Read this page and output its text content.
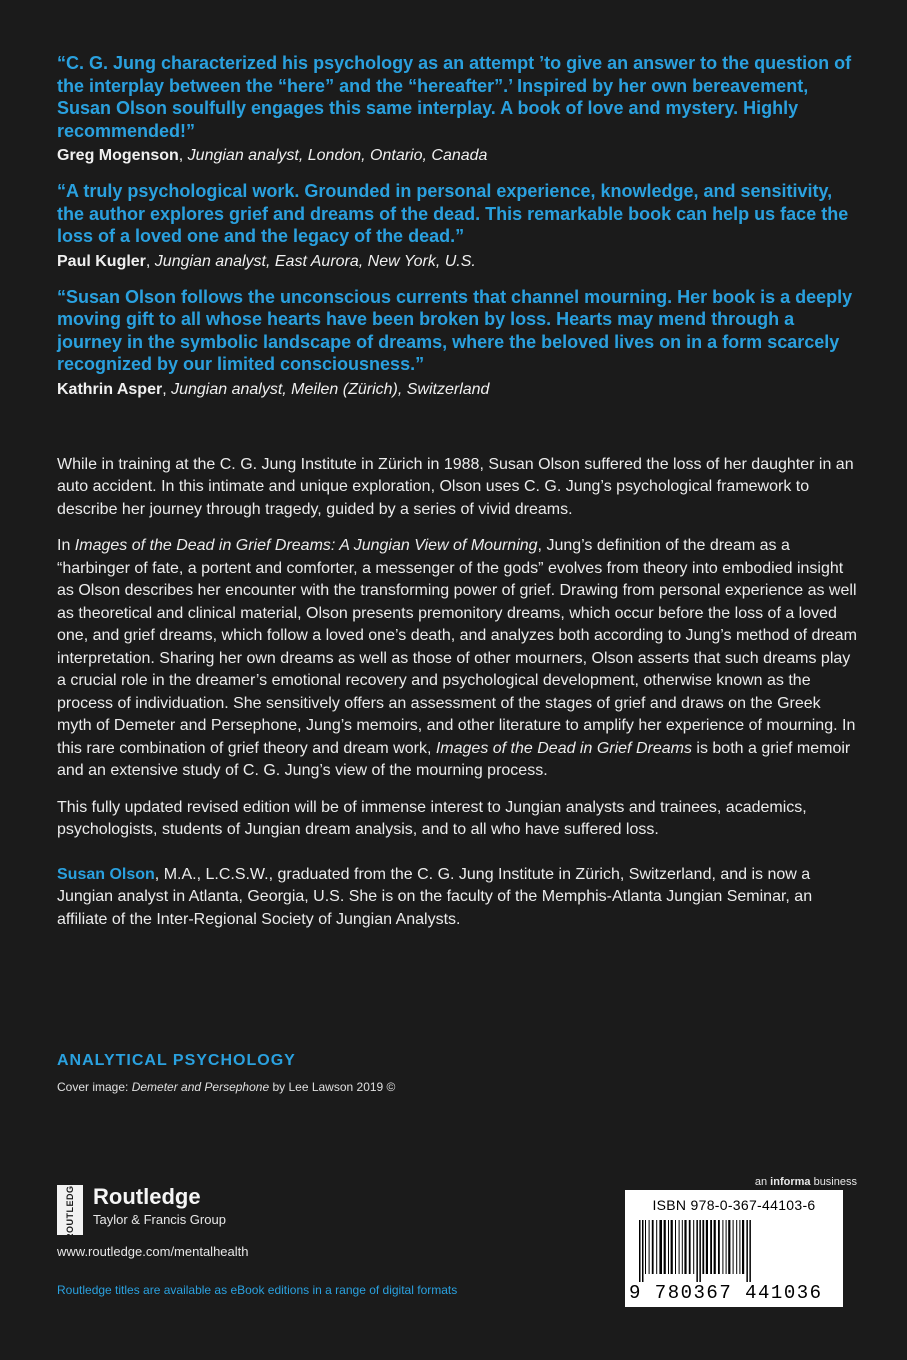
“C. G. Jung characterized his psychology as an attempt ’to give an answer to the question of the interplay between the “here” and the “hereafter”.’ Inspired by her own bereavement, Susan Olson soulfully engages this same interplay. A book of love and mystery. Highly recommended!”

Greg Mogenson, Jungian analyst, London, Ontario, Canada

“A truly psychological work. Grounded in personal experience, knowledge, and sensitivity, the author explores grief and dreams of the dead. This remarkable book can help us face the loss of a loved one and the legacy of the dead.”

Paul Kugler, Jungian analyst, East Aurora, New York, U.S.

“Susan Olson follows the unconscious currents that channel mourning. Her book is a deeply moving gift to all whose hearts have been broken by loss. Hearts may mend through a journey in the symbolic landscape of dreams, where the beloved lives on in a form scarcely recognized by our limited consciousness.”

Kathrin Asper, Jungian analyst, Meilen (Zürich), Switzerland

While in training at the C. G. Jung Institute in Zürich in 1988, Susan Olson suffered the loss of her daughter in an auto accident. In this intimate and unique exploration, Olson uses C. G. Jung’s psychological framework to describe her journey through tragedy, guided by a series of vivid dreams.

In Images of the Dead in Grief Dreams: A Jungian View of Mourning, Jung’s definition of the dream as a “harbinger of fate, a portent and comforter, a messenger of the gods” evolves from theory into embodied insight as Olson describes her encounter with the transforming power of grief. Drawing from personal experience as well as theoretical and clinical material, Olson presents premonitory dreams, which occur before the loss of a loved one, and grief dreams, which follow a loved one’s death, and analyzes both according to Jung’s method of dream interpretation. Sharing her own dreams as well as those of other mourners, Olson asserts that such dreams play a crucial role in the dreamer’s emotional recovery and psychological development, otherwise known as the process of individuation. She sensitively offers an assessment of the stages of grief and draws on the Greek myth of Demeter and Persephone, Jung’s memoirs, and other literature to amplify her experience of mourning. In this rare combination of grief theory and dream work, Images of the Dead in Grief Dreams is both a grief memoir and an extensive study of C. G. Jung’s view of the mourning process.

This fully updated revised edition will be of immense interest to Jungian analysts and trainees, academics, psychologists, students of Jungian dream analysis, and to all who have suffered loss.

Susan Olson, M.A., L.C.S.W., graduated from the C. G. Jung Institute in Zürich, Switzerland, and is now a Jungian analyst in Atlanta, Georgia, U.S. She is on the faculty of the Memphis-Atlanta Jungian Seminar, an affiliate of the Inter-Regional Society of Jungian Analysts.

ANALYTICAL PSYCHOLOGY

Cover image: Demeter and Persephone by Lee Lawson 2019 ©
ROUTLEDGE Routledge
Taylor & Francis Group
www.routledge.com/mentalhealth
Routledge titles are available as eBook editions in a range of digital formats
an informa business
ISBN 978-0-367-44103-6
9 780367 441036
